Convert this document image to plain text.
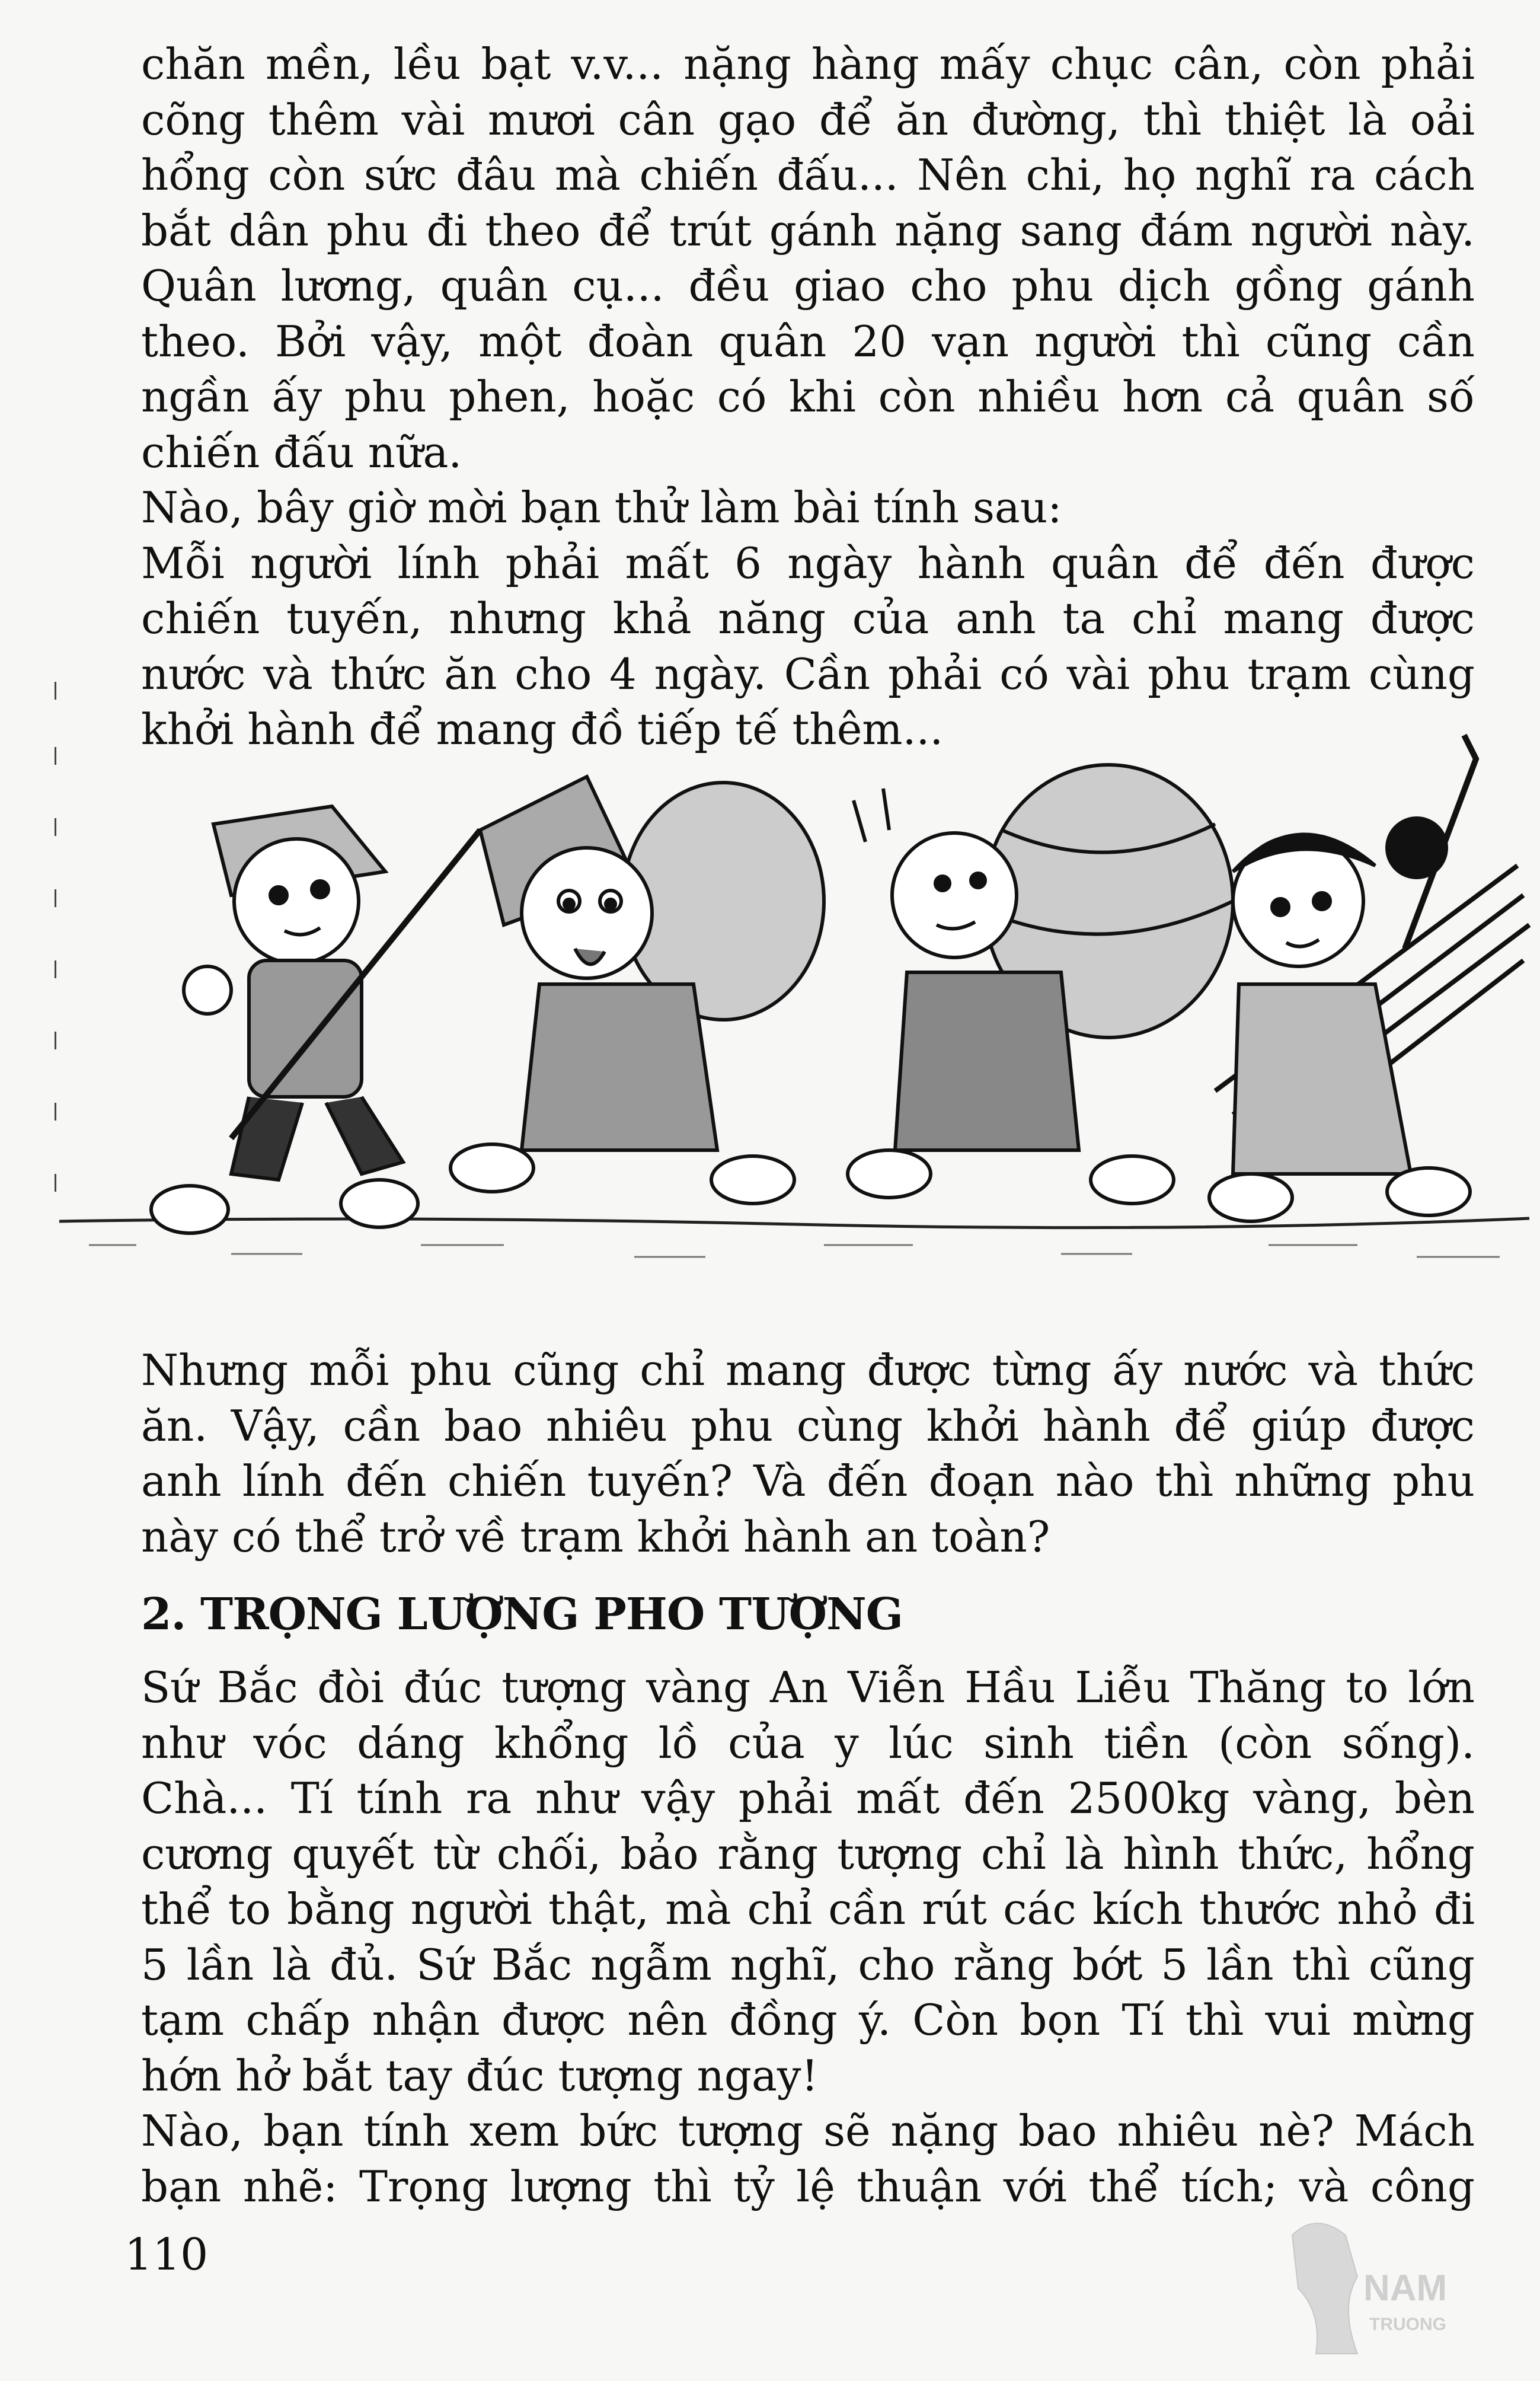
chăn mền, lều bạt v.v... nặng hàng mấy chục cân, còn phải
cõng thêm vài mươi cân gạo để ăn đường, thì thiệt là oải
hổng còn sức đâu mà chiến đấu... Nên chi, họ nghĩ ra cách
bắt dân phu đi theo để trút gánh nặng sang đám người này.
Quân lương, quân cụ... đều giao cho phu dịch gồng gánh
theo. Bởi vậy, một đoàn quân 20 vạn người thì cũng cần
ngần ấy phu phen, hoặc có khi còn nhiều hơn cả quân số
chiến đấu nữa.

Nào, bây giờ mời bạn thử làm bài tính sau:

Mỗi người lính phải mất 6 ngày hành quân để đến được
chiến tuyến, nhưng khả năng của anh ta chỉ mang được
nước và thức ăn cho 4 ngày. Cần phải có vài phu trạm cùng
khởi hành để mang đồ tiếp tế thêm...

Nhưng mỗi phu cũng chỉ mang được từng ấy nước và thức
ăn. Vậy, cần bao nhiêu phu cùng khởi hành để giúp được
anh lính đến chiến tuyến? Và đến đoạn nào thì những phu
này có thể trở về trạm khởi hành an toàn?

2. TRỌNG LƯỢNG PHO TƯỢNG

Sứ Bắc đòi đúc tượng vàng An Viễn Hầu Liễu Thăng to lớn
như vóc dáng khổng lồ của y lúc sinh tiền (còn sống).
Chà... Tí tính ra như vậy phải mất đến 2500kg vàng, bèn
cương quyết từ chối, bảo rằng tượng chỉ là hình thức, hổng
thể to bằng người thật, mà chỉ cần rút các kích thước nhỏ đi
5 lần là đủ. Sứ Bắc ngẫm nghĩ, cho rằng bớt 5 lần thì cũng
tạm chấp nhận được nên đồng ý. Còn bọn Tí thì vui mừng
hớn hở bắt tay đúc tượng ngay!

Nào, bạn tính xem bức tượng sẽ nặng bao nhiêu nè? Mách
bạn nhẽ: Trọng lượng thì tỷ lệ thuận với thể tích; và công

110
NAM
TRUONG
